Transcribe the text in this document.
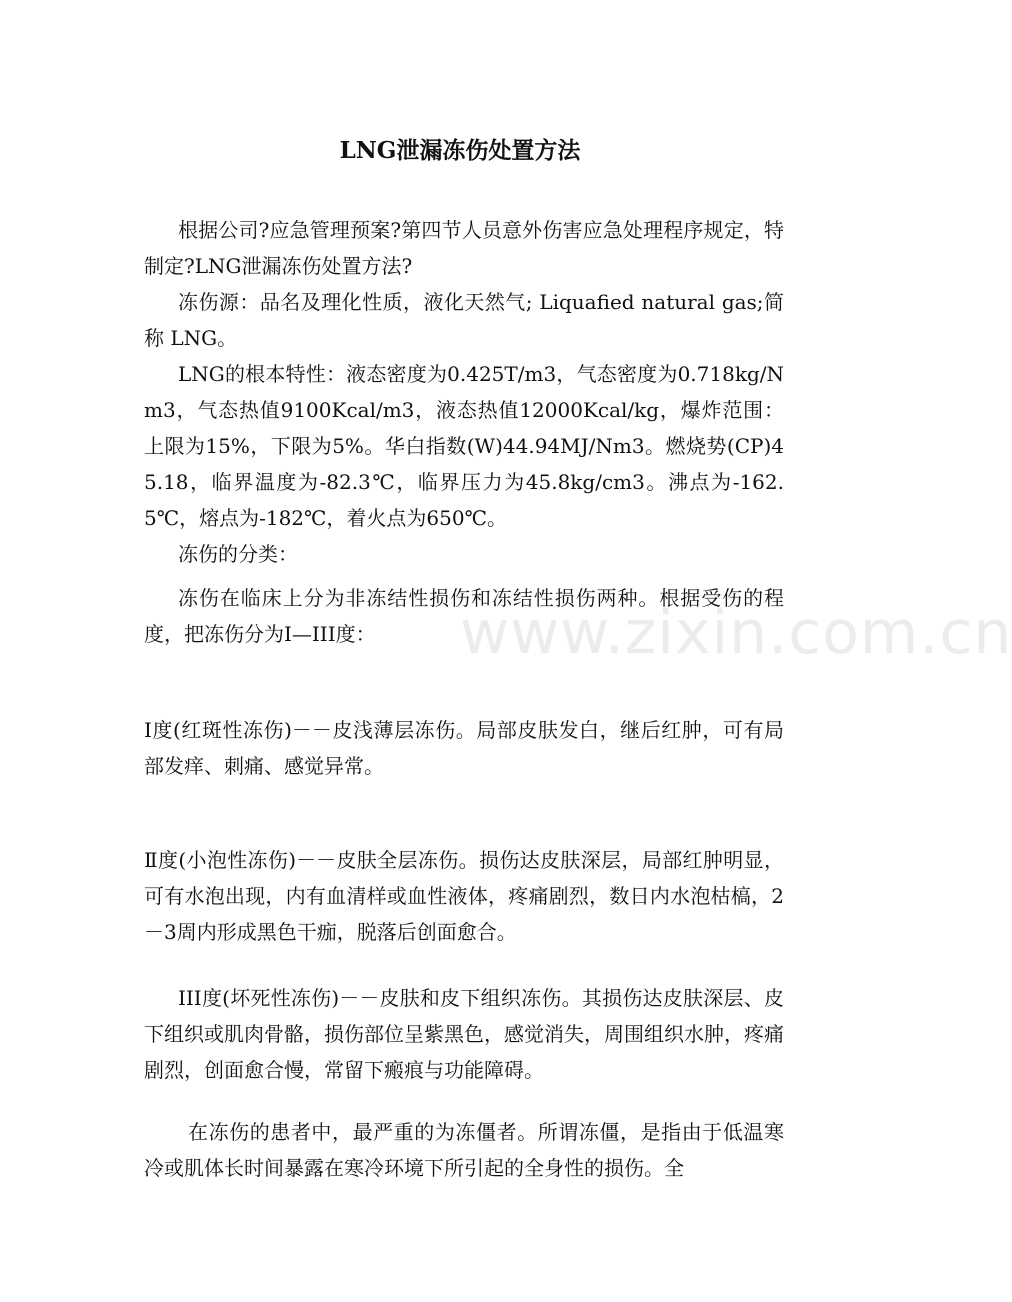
www.zixin.com.cn
LNG泄漏冻伤处置方法
根据公司?应急管理预案?第四节人员意外伤害应急处理程序规定，特制定?LNG泄漏冻伤处置方法?
冻伤源：品名及理化性质，液化天然气; Liquafied natural gas;简称 LNG。
LNG的根本特性：液态密度为0.425T/m3，气态密度为0.718kg/Nm3，气态热值9100Kcal/m3，液态热值12000Kcal/kg，爆炸范围：上限为15%，下限为5%。华白指数(W)44.94MJ/Nm3。燃烧势(CP)45.18，临界温度为-82.3℃，临界压力为45.8kg/cm3。沸点为-162.5℃，熔点为-182℃，着火点为650℃。
冻伤的分类：
冻伤在临床上分为非冻结性损伤和冻结性损伤两种。根据受伤的程度，把冻伤分为I—III度：
Ⅰ度(红斑性冻伤)－－皮浅薄层冻伤。局部皮肤发白，继后红肿，可有局部发痒、刺痛、感觉异常。
Ⅱ度(小泡性冻伤)－－皮肤全层冻伤。损伤达皮肤深层，局部红肿明显，可有水泡出现，内有血清样或血性液体，疼痛剧烈，数日内水泡枯槁，2－3周内形成黑色干痂，脱落后创面愈合。
III度(坏死性冻伤)－－皮肤和皮下组织冻伤。其损伤达皮肤深层、皮下组织或肌肉骨骼，损伤部位呈紫黑色，感觉消失，周围组织水肿，疼痛剧烈，创面愈合慢，常留下瘢痕与功能障碍。
在冻伤的患者中，最严重的为冻僵者。所谓冻僵，是指由于低温寒冷或肌体长时间暴露在寒冷环境下所引起的全身性的损伤。全
